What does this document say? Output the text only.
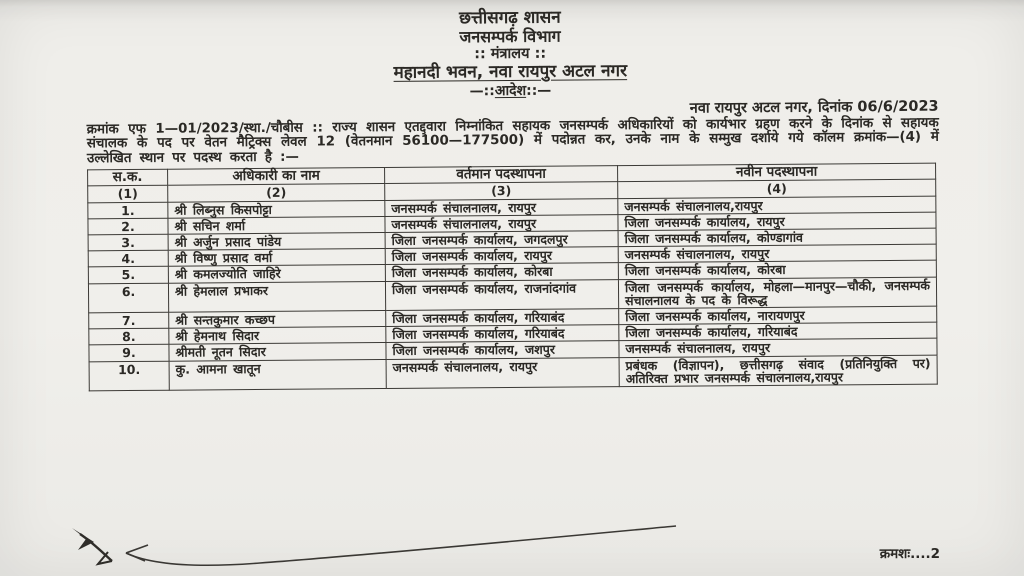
छत्तीसगढ़ शासन
जनसम्पर्क विभाग
:: मंत्रालय ::
महानदी भवन, नवा रायपुर अटल नगर
—::आदेश::—
नवा रायपुर अटल नगर, दिनांक 06/6/2023

क्रमांक एफ 1—01/2023/स्था./चौबीस :: राज्य शासन एतद्द्वारा निम्नांकित सहायक जनसम्पर्क अधिकारियों को कार्यभार ग्रहण करने के दिनांक से सहायक संचालक के पद पर वेतन मैट्रिक्स लेवल 12 (वेतनमान 56100—177500) में पदोन्नत कर, उनके नाम के सम्मुख दर्शाये गये कॉलम क्रमांक—(4) में उल्लेखित स्थान पर पदस्थ करता है :—

स.क.	अधिकारी का नाम	वर्तमान पदस्थापना	नवीन पदस्थापना
(1)	(2)	(3)	(4)
1.	श्री लिब्नुस किसपोट्टा	जनसम्पर्क संचालनालय, रायपुर	जनसम्पर्क संचालनालय,रायपुर
2.	श्री सचिन शर्मा	जनसम्पर्क संचालनालय, रायपुर	जिला जनसम्पर्क कार्यालय, रायपुर
3.	श्री अर्जुन प्रसाद पांडेय	जिला जनसम्पर्क कार्यालय, जगदलपुर	जिला जनसम्पर्क कार्यालय, कोण्डागांव
4.	श्री विष्णु प्रसाद वर्मा	जिला जनसम्पर्क कार्यालय, रायपुर	जनसम्पर्क संचालनालय, रायपुर
5.	श्री कमलज्योति जाहिरे	जिला जनसम्पर्क कार्यालय, कोरबा	जिला जनसम्पर्क कार्यालय, कोरबा
6.	श्री हेमलाल प्रभाकर	जिला जनसम्पर्क कार्यालय, राजनांदगांव	जिला जनसम्पर्क कार्यालय, मोहला—मानपुर—चौकी, जनसम्पर्क संचालनालय के पद के विरूद्ध
7.	श्री सन्तकुमार कच्छप	जिला जनसम्पर्क कार्यालय, गरियाबंद	जिला जनसम्पर्क कार्यालय, नारायणपुर
8.	श्री हेमनाथ सिदार	जिला जनसम्पर्क कार्यालय, गरियाबंद	जिला जनसम्पर्क कार्यालय, गरियाबंद
9.	श्रीमती नूतन सिदार	जिला जनसम्पर्क कार्यालय, जशपुर	जनसम्पर्क संचालनालय, रायपुर
10.	कु. आमना खातून	जनसम्पर्क संचालनालय, रायपुर	प्रबंधक (विज्ञापन), छत्तीसगढ़ संवाद (प्रतिनियुक्ति पर) अतिरिक्त प्रभार जनसम्पर्क संचालनालय,रायपुर
क्रमशः....2
